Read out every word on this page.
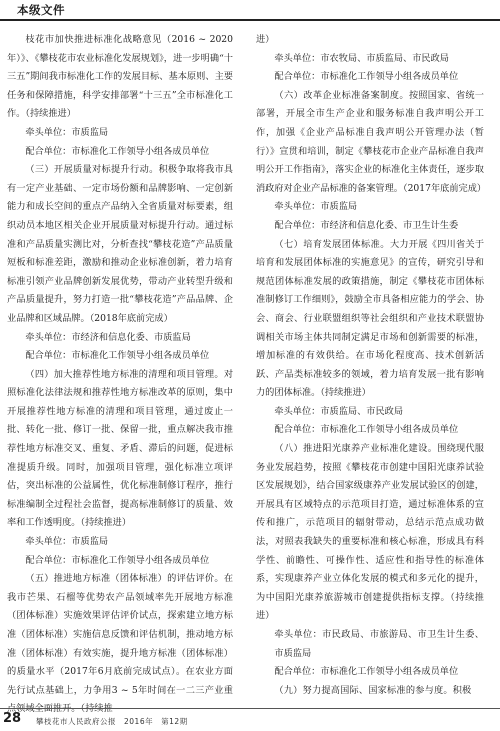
本级文件

枝花市加快推进标准化战略意见（2016 ~ 2020年）》、《攀枝花市农业标准化发展规划》，进一步明确“十三五”期间我市标准化工作的发展目标、基本原则、主要任务和保障措施，科学安排部署“十三五”全市标准化工作。（持续推进）

牵头单位：市质监局

配合单位：市标准化工作领导小组各成员单位

（三）开展质量对标提升行动。积极争取将我市具有一定产业基础、一定市场份额和品牌影响、一定创新能力和成长空间的重点产品纳入全省质量对标要素，组织动员本地区相关企业开展质量对标提升行动。通过标准和产品质量实测比对，分析查找“攀枝花造”产品质量短板和标准差距，激励和推动企业标准创新，着力培育标准引领产业品牌创新发展优势，带动产业转型升级和产品质量提升，努力打造一批“攀枝花造”产品品牌、企业品牌和区域品牌。（2018年底前完成）

牵头单位：市经济和信息化委、市质监局

配合单位：市标准化工作领导小组各成员单位

（四）加大推荐性地方标准的清理和项目管理。对照标准化法律法规和推荐性地方标准改革的原则，集中开展推荐性地方标准的清理和项目管理，通过废止一批、转化一批、修订一批、保留一批，重点解决我市推荐性地方标准交叉、重复、矛盾、滞后的问题，促进标准提质升级。同时，加强项目管理，强化标准立项评估，突出标准的公益属性，优化标准制修订程序，推行标准编制全过程社会监督，提高标准制修订的质量、效率和工作透明度。（持续推进）

牵头单位：市质监局

配合单位：市标准化工作领导小组各成员单位

（五）推进地方标准（团体标准）的评估评价。在我市芒果、石榴等优势农产品领域率先开展地方标准（团体标准）实施效果评估评价试点，探索建立地方标准（团体标准）实施信息反馈和评估机制，推动地方标准（团体标准）有效实施，提升地方标准（团体标准）的质量水平（2017年6月底前完成试点）。在农业方面先行试点基础上，力争用3 ~ 5年时间在一二三产业重

进）

牵头单位：市农牧局、市质监局、市民政局

配合单位：市标准化工作领导小组各成员单位

（六）改革企业标准备案制度。按照国家、省统一部署，开展全市生产企业和服务标准自我声明公开工作，加强《企业产品标准自我声明公开管理办法（暂行）》宣贯和培训，制定《攀枝花市企业产品标准自我声明公开工作指南》，落实企业的标准化主体责任，逐步取消政府对企业产品标准的备案管理。（2017年底前完成）

牵头单位：市质监局

配合单位：市经济和信息化委、市卫生计生委

（七）培育发展团体标准。大力开展《四川省关于培育和发展团体标准的实施意见》的宣传，研究引导和规范团体标准发展的政策措施，制定《攀枝花市团体标准制修订工作细则》，鼓励全市具备相应能力的学会、协会、商会、行业联盟组织等社会组织和产业技术联盟协调相关市场主体共同制定满足市场和创新需要的标准，增加标准的有效供给。在市场化程度高、技术创新活跃、产品类标准较多的领域，着力培育发展一批有影响力的团体标准。（持续推进）

牵头单位：市质监局、市民政局

配合单位：市标准化工作领导小组各成员单位

（八）推进阳光康养产业标准化建设。围绕现代服务业发展趋势，按照《攀枝花市创建中国阳光康养试验区发展规划》，结合国家级康养产业发展试验区的创建，开展具有区域特点的示范项目打造，通过标准体系的宣传和推广，示范项目的辐射带动，总结示范点成功做法，对照表我缺失的重要标准和核心标准，形成具有科学性、前瞻性、可操作性、适应性和指导性的标准体系，实现康养产业立体化发展的模式和多元化的提升，为中国阳光康养旅游城市创建提供指标支撑。（持续推进）

牵头单位：市民政局、市旅游局、市卫生计生委、市质监局

配合单位：市标准化工作领导小组各成员单位

（九）努力提高国际、国家标准的参与度。积极

28 攀枝花市人民政府公报　2016年　第12期
